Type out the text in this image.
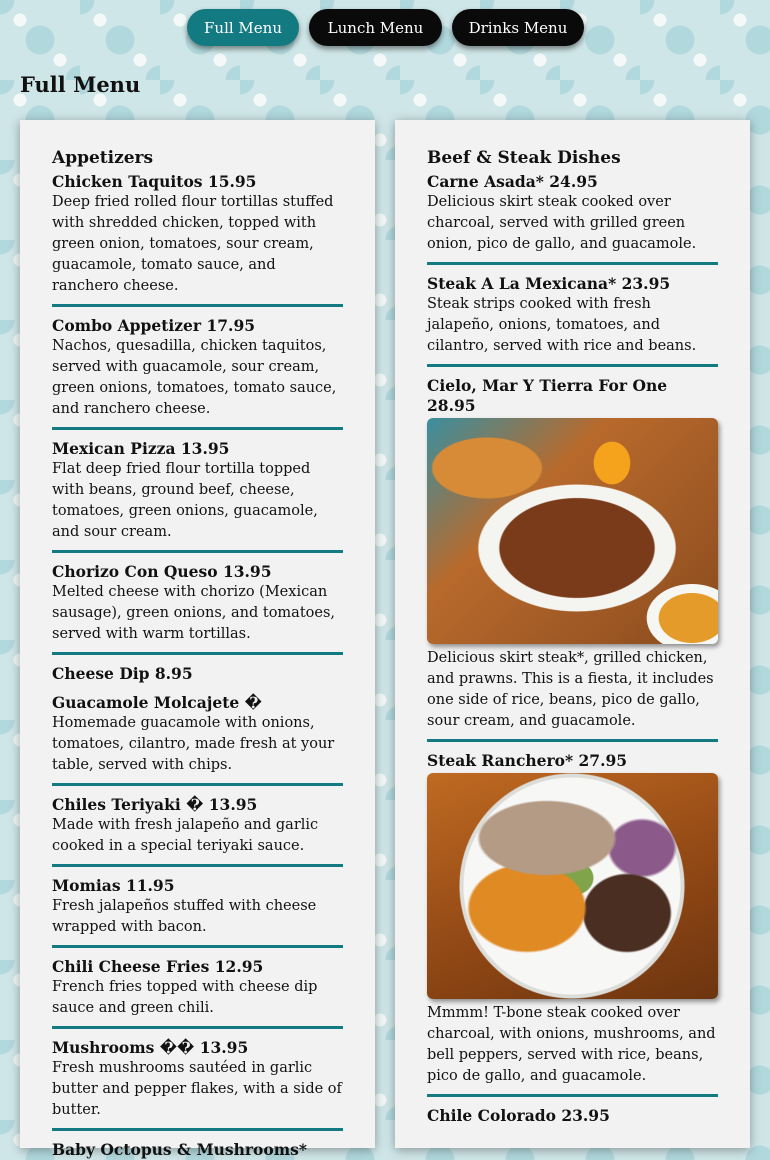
Full Menu	Lunch Menu	Drinks Menu
Full Menu
Appetizers
Chicken Taquitos 15.95
Deep fried rolled flour tortillas stuffed with shredded chicken, topped with green onion, tomatoes, sour cream, guacamole, tomato sauce, and ranchero cheese.
Combo Appetizer 17.95
Nachos, quesadilla, chicken taquitos, served with guacamole, sour cream, green onions, tomatoes, tomato sauce, and ranchero cheese.
Mexican Pizza 13.95
Flat deep fried flour tortilla topped with beans, ground beef, cheese, tomatoes, green onions, guacamole, and sour cream.
Chorizo Con Queso 13.95
Melted cheese with chorizo (Mexican sausage), green onions, and tomatoes, served with warm tortillas.
Cheese Dip 8.95
Guacamole Molcajete �
Homemade guacamole with onions, tomatoes, cilantro, made fresh at your table, served with chips.
Chiles Teriyaki � 13.95
Made with fresh jalapeño and garlic cooked in a special teriyaki sauce.
Momias 11.95
Fresh jalapeños stuffed with cheese wrapped with bacon.
Chili Cheese Fries 12.95
French fries topped with cheese dip sauce and green chili.
Mushrooms �� 13.95
Fresh mushrooms sautéed in garlic butter and pepper flakes, with a side of butter.
Baby Octopus & Mushrooms*
Beef & Steak Dishes
Carne Asada* 24.95
Delicious skirt steak cooked over charcoal, served with grilled green onion, pico de gallo, and guacamole.
Steak A La Mexicana* 23.95
Steak strips cooked with fresh jalapeño, onions, tomatoes, and cilantro, served with rice and beans.
Cielo, Mar Y Tierra For One 28.95
Delicious skirt steak*, grilled chicken, and prawns. This is a fiesta, it includes one side of rice, beans, pico de gallo, sour cream, and guacamole.
Steak Ranchero* 27.95
Mmmm! T-bone steak cooked over charcoal, with onions, mushrooms, and bell peppers, served with rice, beans, pico de gallo, and guacamole.
Chile Colorado 23.95
